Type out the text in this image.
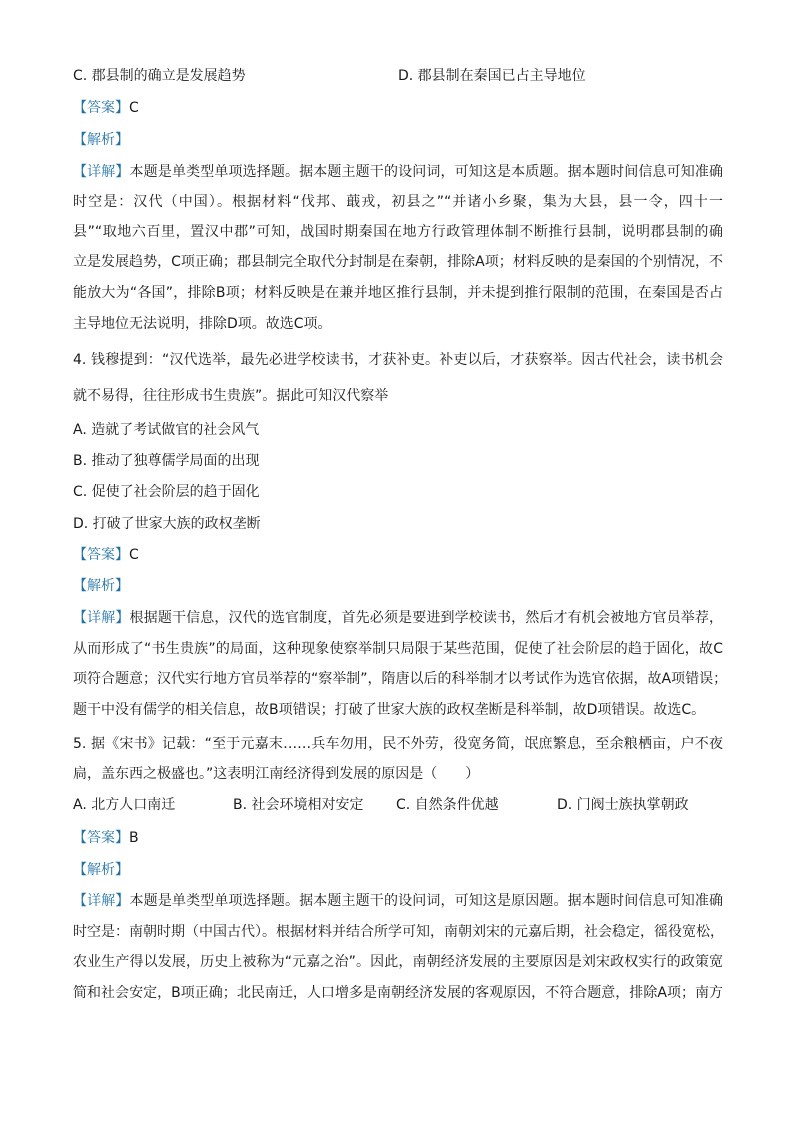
C. 郡县制的确立是发展趋势	D. 郡县制在秦国已占主导地位
【答案】C
【解析】
【详解】本题是单类型单项选择题。据本题主题干的设问词，可知这是本质题。据本题时间信息可知准确
时空是：汉代（中国）。根据材料“伐邦、蕺戎，初县之”“并诸小乡聚，集为大县，县一令，四十一
县”“取地六百里，置汉中郡”可知，战国时期秦国在地方行政管理体制不断推行县制，说明郡县制的确
立是发展趋势，C项正确；郡县制完全取代分封制是在秦朝，排除A项；材料反映的是秦国的个别情况，不
能放大为“各国”，排除B项；材料反映是在兼并地区推行县制，并未提到推行限制的范围，在秦国是否占
主导地位无法说明，排除D项。故选C项。
4. 钱穆提到：“汉代选举，最先必进学校读书，才获补吏。补吏以后，才获察举。因古代社会，读书机会
就不易得，往往形成书生贵族”。据此可知汉代察举
A. 造就了考试做官的社会风气
B. 推动了独尊儒学局面的出现
C. 促使了社会阶层的趋于固化
D. 打破了世家大族的政权垄断
【答案】C
【解析】
【详解】根据题干信息，汉代的选官制度，首先必须是要进到学校读书，然后才有机会被地方官员举荐，
从而形成了“书生贵族”的局面，这种现象使察举制只局限于某些范围，促使了社会阶层的趋于固化，故C
项符合题意；汉代实行地方官员举荐的“察举制”，隋唐以后的科举制才以考试作为选官依据，故A项错误；
题干中没有儒学的相关信息，故B项错误；打破了世家大族的政权垄断是科举制，故D项错误。故选C。
5. 据《宋书》记载：“至于元嘉末……兵车勿用，民不外劳，役宽务简，氓庶繁息，至余粮栖亩，户不夜
扃，盖东西之极盛也。”这表明江南经济得到发展的原因是（　　）
A. 北方人口南迁	B. 社会环境相对安定 C. 自然条件优越	D. 门阀士族执掌朝政
【答案】B
【解析】
【详解】本题是单类型单项选择题。据本题主题干的设问词，可知这是原因题。据本题时间信息可知准确
时空是：南朝时期（中国古代）。根据材料并结合所学可知，南朝刘宋的元嘉后期，社会稳定，徭役宽松，
农业生产得以发展，历史上被称为“元嘉之治”。因此，南朝经济发展的主要原因是刘宋政权实行的政策宽
简和社会安定，B项正确；北民南迁，人口增多是南朝经济发展的客观原因，不符合题意，排除A项；南方
